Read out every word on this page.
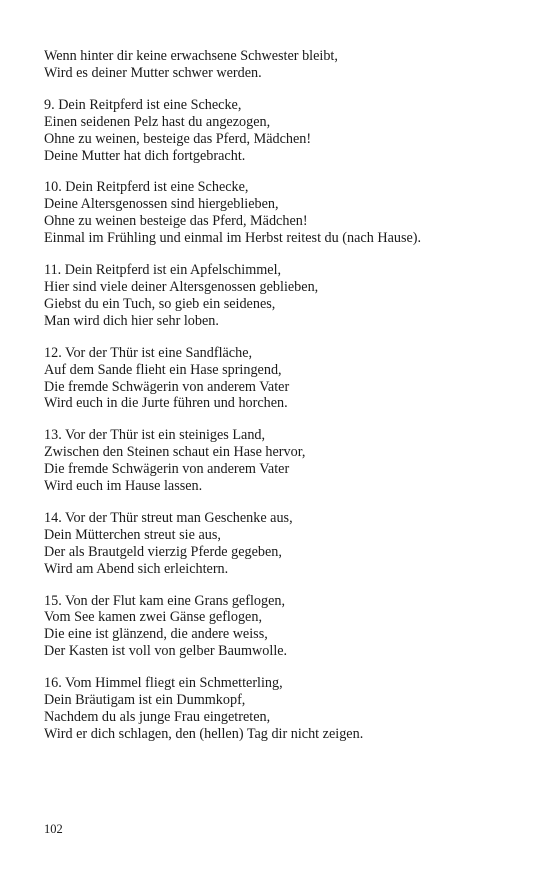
Wenn hinter dir keine erwachsene Schwester bleibt,
Wird es deiner Mutter schwer werden.
9. Dein Reitpferd ist eine Schecke,
Einen seidenen Pelz hast du angezogen,
Ohne zu weinen, besteige das Pferd, Mädchen!
Deine Mutter hat dich fortgebracht.
10. Dein Reitpferd ist eine Schecke,
Deine Altersgenossen sind hiergeblieben,
Ohne zu weinen besteige das Pferd, Mädchen!
Einmal im Frühling und einmal im Herbst reitest du (nach Hause).
11. Dein Reitpferd ist ein Apfelschimmel,
Hier sind viele deiner Altersgenossen geblieben,
Giebst du ein Tuch, so gieb ein seidenes,
Man wird dich hier sehr loben.
12. Vor der Thür ist eine Sandfläche,
Auf dem Sande flieht ein Hase springend,
Die fremde Schwägerin von anderem Vater
Wird euch in die Jurte führen und horchen.
13. Vor der Thür ist ein steiniges Land,
Zwischen den Steinen schaut ein Hase hervor,
Die fremde Schwägerin von anderem Vater
Wird euch im Hause lassen.
14. Vor der Thür streut man Geschenke aus,
Dein Mütterchen streut sie aus,
Der als Brautgeld vierzig Pferde gegeben,
Wird am Abend sich erleichtern.
15. Von der Flut kam eine Grans geflogen,
Vom See kamen zwei Gänse geflogen,
Die eine ist glänzend, die andere weiss,
Der Kasten ist voll von gelber Baumwolle.
16. Vom Himmel fliegt ein Schmetterling,
Dein Bräutigam ist ein Dummkopf,
Nachdem du als junge Frau eingetreten,
Wird er dich schlagen, den (hellen) Tag dir nicht zeigen.
102
